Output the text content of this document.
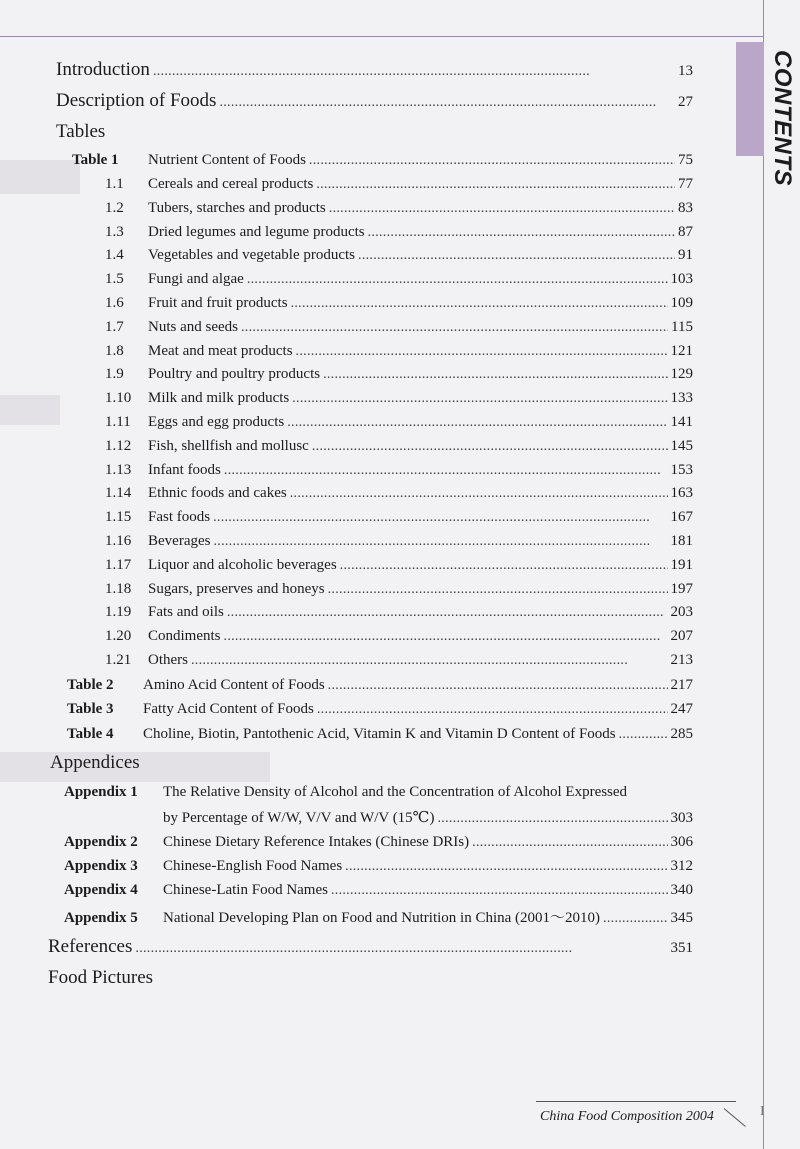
CONTENTS
Introduction . . .	13
Description of Foods . . .	27
Tables
Table 1	Nutrient Content of Foods . . .	75
1.1	Cereals and cereal products . . .	77
1.2	Tubers, starches and products . . .	83
1.3	Dried legumes and legume products . . .	87
1.4	Vegetables and vegetable products . . .	91
1.5	Fungi and algae . . .	103
1.6	Fruit and fruit products . . .	109
1.7	Nuts and seeds . . .	115
1.8	Meat and meat products . . .	121
1.9	Poultry and poultry products . . .	129
1.10	Milk and milk products . . .	133
1.11	Eggs and egg products . . .	141
1.12	Fish, shellfish and mollusc . . .	145
1.13	Infant foods . . .	153
1.14	Ethnic foods and cakes . . .	163
1.15	Fast foods . . .	167
1.16	Beverages . . .	181
1.17	Liquor and alcoholic beverages . . .	191
1.18	Sugars, preserves and honeys . . .	197
1.19	Fats and oils . . .	203
1.20	Condiments . . .	207
1.21	Others . . .	213
Table 2	Amino Acid Content of Foods . . .	217
Table 3	Fatty Acid Content of Foods . . .	247
Table 4	Choline, Biotin, Pantothenic Acid, Vitamin K and Vitamin D Content of Foods . . .	285
Appendices
Appendix 1 The Relative Density of Alcohol and the Concentration of Alcohol Expressed
by Percentage of W/W, V/V and W/V (15℃) . . .	303
Appendix 2	Chinese Dietary Reference Intakes (Chinese DRIs) . . .	306
Appendix 3	Chinese-English Food Names . . .	312
Appendix 4	Chinese-Latin Food Names . . .	340
Appendix 5	National Developing Plan on Food and Nutrition in China (2001～2010) . . .	345
References . . .	351
Food Pictures
China Food Composition 2004	I
